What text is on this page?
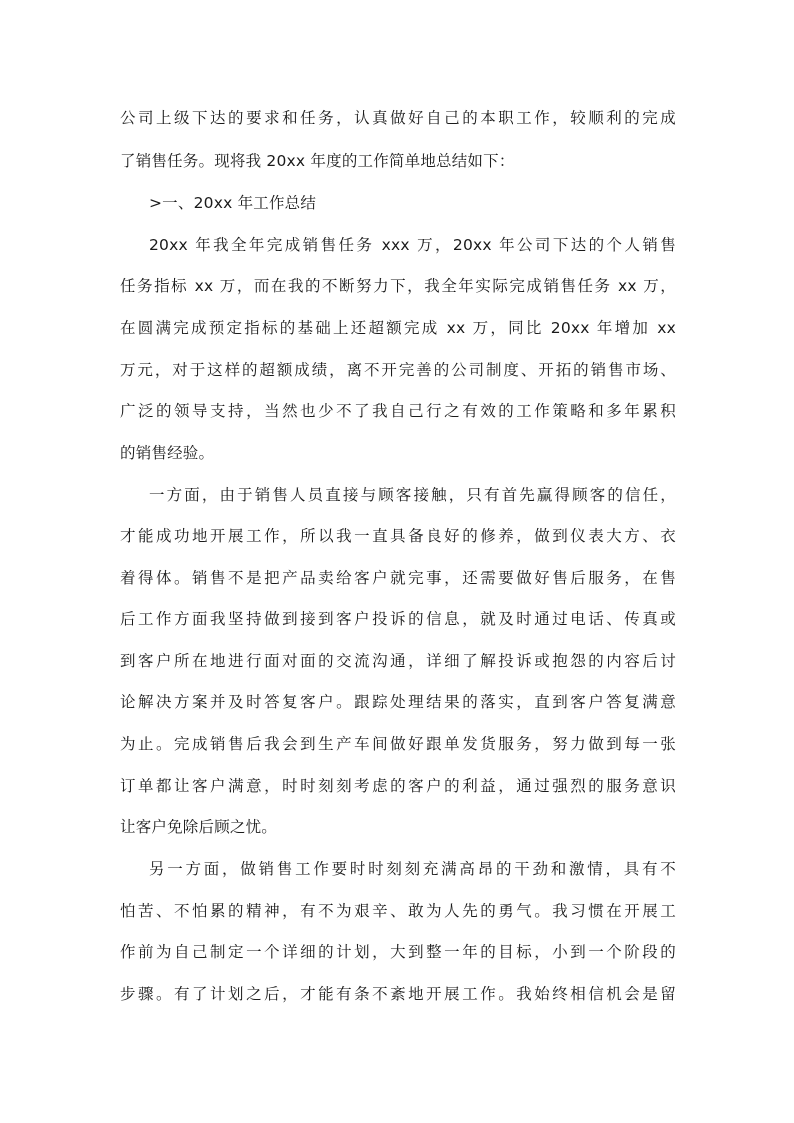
公司上级下达的要求和任务，认真做好自己的本职工作，较顺利的完成
了销售任务。现将我 20xx 年度的工作简单地总结如下：
>一、20xx 年工作总结
20xx 年我全年完成销售任务 xxx 万，20xx 年公司下达的个人销售
任务指标 xx 万，而在我的不断努力下，我全年实际完成销售任务 xx 万，
在圆满完成预定指标的基础上还超额完成 xx 万，同比 20xx 年增加 xx
万元，对于这样的超额成绩，离不开完善的公司制度、开拓的销售市场、
广泛的领导支持，当然也少不了我自己行之有效的工作策略和多年累积
的销售经验。
一方面，由于销售人员直接与顾客接触，只有首先赢得顾客的信任，
才能成功地开展工作，所以我一直具备良好的修养，做到仪表大方、衣
着得体。销售不是把产品卖给客户就完事，还需要做好售后服务，在售
后工作方面我坚持做到接到客户投诉的信息，就及时通过电话、传真或
到客户所在地进行面对面的交流沟通，详细了解投诉或抱怨的内容后讨
论解决方案并及时答复客户。跟踪处理结果的落实，直到客户答复满意
为止。完成销售后我会到生产车间做好跟单发货服务，努力做到每一张
订单都让客户满意，时时刻刻考虑的客户的利益，通过强烈的服务意识
让客户免除后顾之忧。
另一方面，做销售工作要时时刻刻充满高昂的干劲和激情，具有不
怕苦、不怕累的精神，有不为艰辛、敢为人先的勇气。我习惯在开展工
作前为自己制定一个详细的计划，大到整一年的目标，小到一个阶段的
步骤。有了计划之后，才能有条不紊地开展工作。我始终相信机会是留
